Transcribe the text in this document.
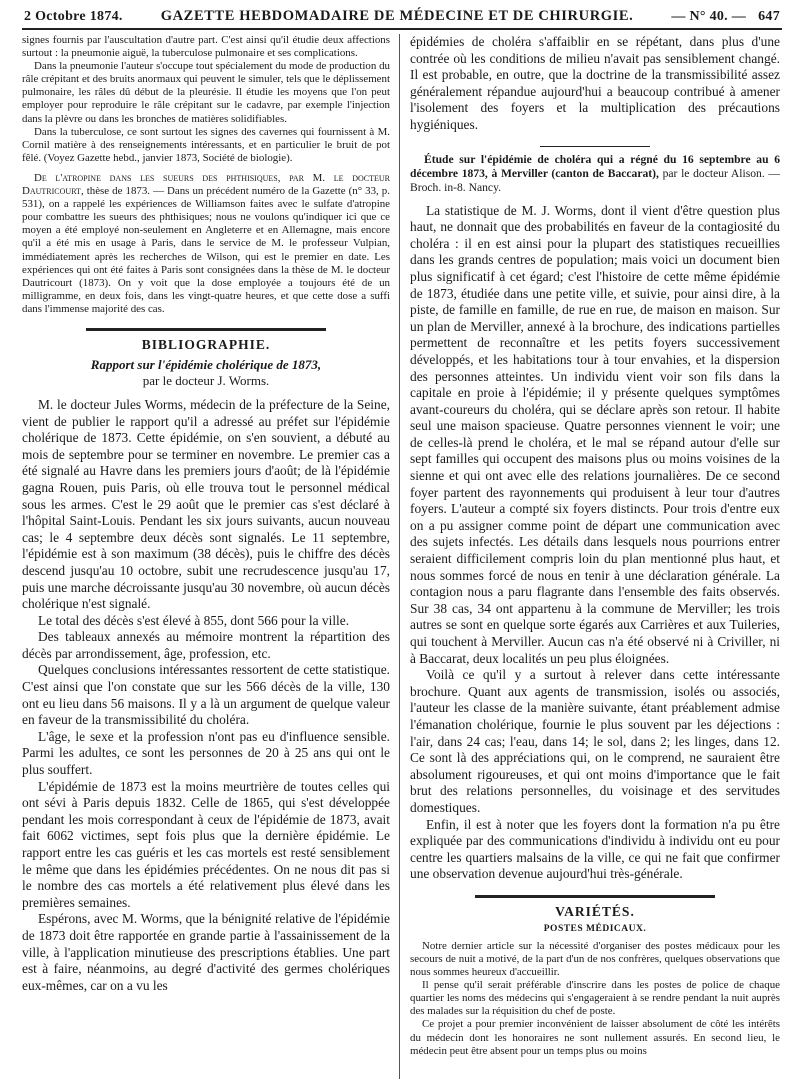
2 Octobre 1874.	GAZETTE HEBDOMADAIRE DE MÉDECINE ET DE CHIRURGIE.	— N° 40. — 647

signes fournis par l'auscultation d'autre part. C'est ainsi qu'il étudie deux affections surtout : la pneumonie aiguë, la tuberculose pulmonaire et ses complications.

Dans la pneumonie l'auteur s'occupe tout spécialement du mode de production du râle crépitant et des bruits anormaux qui peuvent le simuler, tels que le déplissement pulmonaire, les râles dû début de la pleurésie. Il étudie les moyens que l'on peut employer pour reproduire le râle crépitant sur le cadavre, par exemple l'injection dans la plèvre ou dans les bronches de matières solidifiables.

Dans la tuberculose, ce sont surtout les signes des cavernes qui fournissent à M. Cornil matière à des renseignements intéressants, et en particulier le bruit de pot fêlé. (Voyez Gazette hebd., janvier 1873, Société de biologie).

De l'atropine dans les sueurs des phthisiques, par M. le docteur Dautricourt, thèse de 1873. — Dans un précédent numéro de la Gazette (n° 33, p. 531), on a rappelé les expériences de Williamson faites avec le sulfate d'atropine pour combattre les sueurs des phthisiques; nous ne voulons qu'indiquer ici que ce moyen a été employé non-seulement en Angleterre et en Allemagne, mais encore qu'il a été mis en usage à Paris, dans le service de M. le professeur Vulpian, immédiatement après les recherches de Wilson, qui est le premier en date. Les expériences qui ont été faites à Paris sont consignées dans la thèse de M. le docteur Dautricourt (1873). On y voit que la dose employée a toujours été de un milligramme, en deux fois, dans les vingt-quatre heures, et que cette dose a suffi dans l'immense majorité des cas.

BIBLIOGRAPHIE.
Rapport sur l'épidémie cholérique de 1873,
par le docteur J. Worms.

M. le docteur Jules Worms, médecin de la préfecture de la Seine, vient de publier le rapport qu'il a adressé au préfet sur l'épidémie cholérique de 1873. Cette épidémie, on s'en souvient, a débuté au mois de septembre pour se terminer en novembre. Le premier cas a été signalé au Havre dans les premiers jours d'août; de là l'épidémie gagna Rouen, puis Paris, où elle trouva tout le personnel médical sous les armes. C'est le 29 août que le premier cas s'est déclaré à l'hôpital Saint-Louis. Pendant les six jours suivants, aucun nouveau cas; le 4 septembre deux décès sont signalés. Le 11 septembre, l'épidémie est à son maximum (38 décès), puis le chiffre des décès descend jusqu'au 10 octobre, subit une recrudescence jusqu'au 17, puis une marche décroissante jusqu'au 30 novembre, où aucun décès cholérique n'est signalé.

Le total des décès s'est élevé à 855, dont 566 pour la ville.

Des tableaux annexés au mémoire montrent la répartition des décès par arrondissement, âge, profession, etc.

Quelques conclusions intéressantes ressortent de cette statistique. C'est ainsi que l'on constate que sur les 566 décès de la ville, 130 ont eu lieu dans 56 maisons. Il y a là un argument de quelque valeur en faveur de la transmissibilité du choléra.

L'âge, le sexe et la profession n'ont pas eu d'influence sensible. Parmi les adultes, ce sont les personnes de 20 à 25 ans qui ont le plus souffert.

L'épidémie de 1873 est la moins meurtrière de toutes celles qui ont sévi à Paris depuis 1832. Celle de 1865, qui s'est développée pendant les mois correspondant à ceux de l'épidémie de 1873, avait fait 6062 victimes, sept fois plus que la dernière épidémie. Le rapport entre les cas guéris et les cas mortels est resté sensiblement le même que dans les épidémies précédentes. On ne nous dit pas si le nombre des cas mortels a été relativement plus élevé dans les premières semaines.

Espérons, avec M. Worms, que la bénignité relative de l'épidémie de 1873 doit être rapportée en grande partie à l'assainissement de la ville, à l'application minutieuse des prescriptions établies. Une part est à faire, néanmoins, au degré d'activité des germes cholériques eux-mêmes, car on a vu les

épidémies de choléra s'affaiblir en se répétant, dans plus d'une contrée où les conditions de milieu n'avait pas sensiblement changé. Il est probable, en outre, que la doctrine de la transmissibilité assez généralement répandue aujourd'hui a beaucoup contribué à amener l'isolement des foyers et la multiplication des précautions hygiéniques.

Étude sur l'épidémie de choléra qui a régné du 16 septembre au 6 décembre 1873, à Merviller (canton de Baccarat), par le docteur Alison. — Broch. in-8. Nancy.

La statistique de M. J. Worms, dont il vient d'être question plus haut, ne donnait que des probabilités en faveur de la contagiosité du choléra : il en est ainsi pour la plupart des statistiques recueillies dans les grands centres de population; mais voici un document bien plus significatif à cet égard; c'est l'histoire de cette même épidémie de 1873, étudiée dans une petite ville, et suivie, pour ainsi dire, à la piste, de famille en famille, de rue en rue, de maison en maison. Sur un plan de Merviller, annexé à la brochure, des indications partielles permettent de reconnaître et les petits foyers successivement développés, et les habitations tour à tour envahies, et la dispersion des personnes atteintes. Un individu vient voir son fils dans la capitale en proie à l'épidémie; il y présente quelques symptômes avant-coureurs du choléra, qui se déclare après son retour. Il habite seul une maison spacieuse. Quatre personnes viennent le voir; une de celles-là prend le choléra, et le mal se répand autour d'elle sur sept familles qui occupent des maisons plus ou moins voisines de la sienne et qui ont avec elle des relations journalières. De ce second foyer partent des rayonnements qui produisent à leur tour d'autres foyers. L'auteur a compté six foyers distincts. Pour trois d'entre eux on a pu assigner comme point de départ une communication avec des sujets infectés. Les détails dans lesquels nous pourrions entrer seraient difficilement compris loin du plan mentionné plus haut, et nous sommes forcé de nous en tenir à une déclaration générale. La contagion nous a paru flagrante dans l'ensemble des faits observés. Sur 38 cas, 34 ont appartenu à la commune de Merviller; les trois autres se sont en quelque sorte égarés aux Carrières et aux Tuileries, qui touchent à Merviller. Aucun cas n'a été observé ni à Criviller, ni à Baccarat, deux localités un peu plus éloignées.

Voilà ce qu'il y a surtout à relever dans cette intéressante brochure. Quant aux agents de transmission, isolés ou associés, l'auteur les classe de la manière suivante, étant préablement admise l'émanation cholérique, fournie le plus souvent par les déjections : l'air, dans 24 cas; l'eau, dans 14; le sol, dans 2; les linges, dans 12. Ce sont là des appréciations qui, on le comprend, ne sauraient être absolument rigoureuses, et qui ont moins d'importance que le fait brut des relations personnelles, du voisinage et des servitudes domestiques.

Enfin, il est à noter que les foyers dont la formation n'a pu être expliquée par des communications d'individu à individu ont eu pour centre les quartiers malsains de la ville, ce qui ne fait que confirmer une observation devenue aujourd'hui très-générale.

VARIÉTÉS.
POSTES MÉDICAUX.

Notre dernier article sur la nécessité d'organiser des postes médicaux pour les secours de nuit a motivé, de la part d'un de nos confrères, quelques observations que nous sommes heureux d'accueillir.

Il pense qu'il serait préférable d'inscrire dans les postes de police de chaque quartier les noms des médecins qui s'engageraient à se rendre pendant la nuit auprès des malades sur la réquisition du chef de poste.

Ce projet a pour premier inconvénient de laisser absolument de côté les intérêts du médecin dont les honoraires ne sont nullement assurés. En second lieu, le médecin peut être absent pour un temps plus ou moins
